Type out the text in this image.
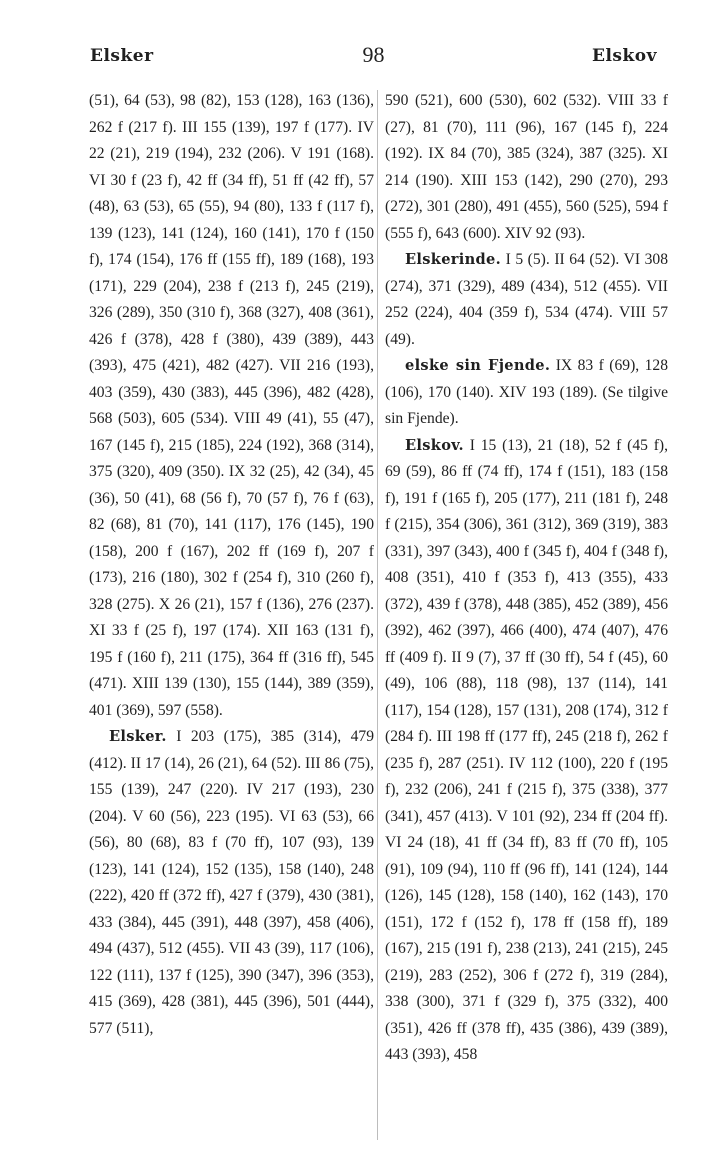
Elsker	98	Elskov

(51), 64 (53), 98 (82), 153 (128), 163 (136), 262 f (217 f). III 155 (139), 197 f (177). IV 22 (21), 219 (194), 232 (206). V 191 (168). VI 30 f (23 f), 42 ff (34 ff), 51 ff (42 ff), 57 (48), 63 (53), 65 (55), 94 (80), 133 f (117 f), 139 (123), 141 (124), 160 (141), 170 f (150 f), 174 (154), 176 ff (155 ff), 189 (168), 193 (171), 229 (204), 238 f (213 f), 245 (219), 326 (289), 350 (310 f), 368 (327), 408 (361), 426 f (378), 428 f (380), 439 (389), 443 (393), 475 (421), 482 (427). VII 216 (193), 403 (359), 430 (383), 445 (396), 482 (428), 568 (503), 605 (534). VIII 49 (41), 55 (47), 167 (145 f), 215 (185), 224 (192), 368 (314), 375 (320), 409 (350). IX 32 (25), 42 (34), 45 (36), 50 (41), 68 (56 f), 70 (57 f), 76 f (63), 82 (68), 81 (70), 141 (117), 176 (145), 190 (158), 200 f (167), 202 ff (169 f), 207 f (173), 216 (180), 302 f (254 f), 310 (260 f), 328 (275). X 26 (21), 157 f (136), 276 (237). XI 33 f (25 f), 197 (174). XII 163 (131 f), 195 f (160 f), 211 (175), 364 ff (316 ff), 545 (471). XIII 139 (130), 155 (144), 389 (359), 401 (369), 597 (558).

Elsker. I 203 (175), 385 (314), 479 (412). II 17 (14), 26 (21), 64 (52). III 86 (75), 155 (139), 247 (220). IV 217 (193), 230 (204). V 60 (56), 223 (195). VI 63 (53), 66 (56), 80 (68), 83 f (70 ff), 107 (93), 139 (123), 141 (124), 152 (135), 158 (140), 248 (222), 420 ff (372 ff), 427 f (379), 430 (381), 433 (384), 445 (391), 448 (397), 458 (406), 494 (437), 512 (455). VII 43 (39), 117 (106), 122 (111), 137 f (125), 390 (347), 396 (353), 415 (369), 428 (381), 445 (396), 501 (444), 577 (511),

590 (521), 600 (530), 602 (532). VIII 33 f (27), 81 (70), 111 (96), 167 (145 f), 224 (192). IX 84 (70), 385 (324), 387 (325). XI 214 (190). XIII 153 (142), 290 (270), 293 (272), 301 (280), 491 (455), 560 (525), 594 f (555 f), 643 (600). XIV 92 (93).

Elskerinde. I 5 (5). II 64 (52). VI 308 (274), 371 (329), 489 (434), 512 (455). VII 252 (224), 404 (359 f), 534 (474). VIII 57 (49).

elske sin Fjende. IX 83 f (69), 128 (106), 170 (140). XIV 193 (189). (Se tilgive sin Fjende).

Elskov. I 15 (13), 21 (18), 52 f (45 f), 69 (59), 86 ff (74 ff), 174 f (151), 183 (158 f), 191 f (165 f), 205 (177), 211 (181 f), 248 f (215), 354 (306), 361 (312), 369 (319), 383 (331), 397 (343), 400 f (345 f), 404 f (348 f), 408 (351), 410 f (353 f), 413 (355), 433 (372), 439 f (378), 448 (385), 452 (389), 456 (392), 462 (397), 466 (400), 474 (407), 476 ff (409 f). II 9 (7), 37 ff (30 ff), 54 f (45), 60 (49), 106 (88), 118 (98), 137 (114), 141 (117), 154 (128), 157 (131), 208 (174), 312 f (284 f). III 198 ff (177 ff), 245 (218 f), 262 f (235 f), 287 (251). IV 112 (100), 220 f (195 f), 232 (206), 241 f (215 f), 375 (338), 377 (341), 457 (413). V 101 (92), 234 ff (204 ff). VI 24 (18), 41 ff (34 ff), 83 ff (70 ff), 105 (91), 109 (94), 110 ff (96 ff), 141 (124), 144 (126), 145 (128), 158 (140), 162 (143), 170 (151), 172 f (152 f), 178 ff (158 ff), 189 (167), 215 (191 f), 238 (213), 241 (215), 245 (219), 283 (252), 306 f (272 f), 319 (284), 338 (300), 371 f (329 f), 375 (332), 400 (351), 426 ff (378 ff), 435 (386), 439 (389), 443 (393), 458
